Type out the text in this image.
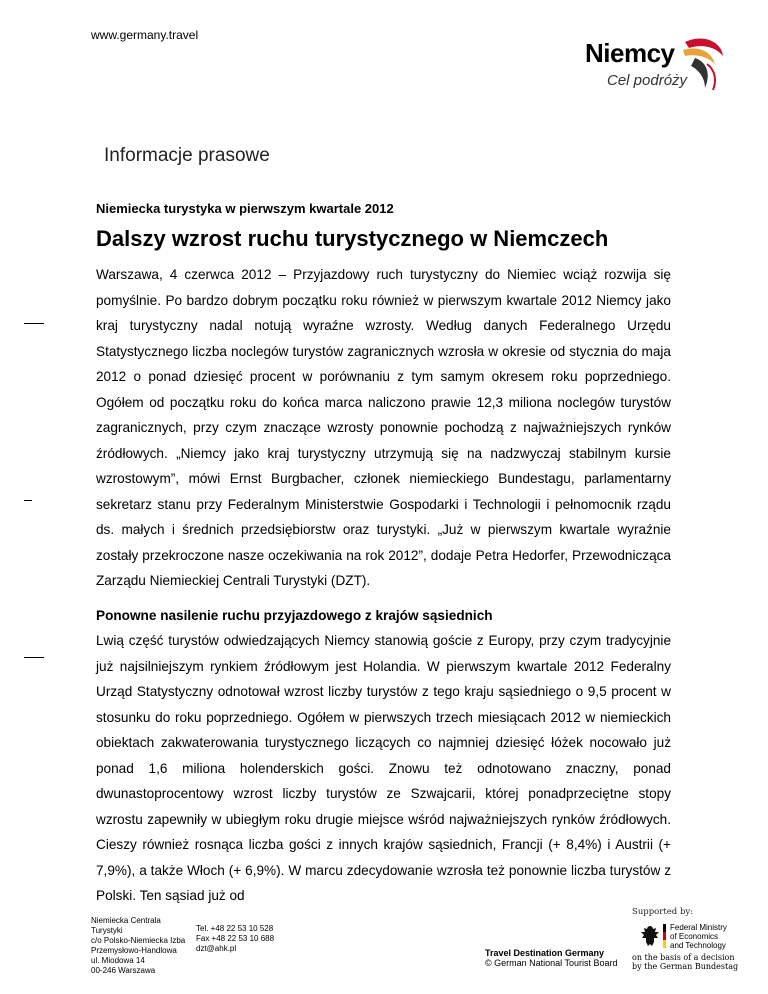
www.germany.travel
Niemcy
Cel podróży
Informacje prasowe
Niemiecka turystyka w pierwszym kwartale 2012
Dalszy wzrost ruchu turystycznego w Niemczech

Warszawa, 4 czerwca 2012 – Przyjazdowy ruch turystyczny do Niemiec wciąż rozwija się pomyślnie. Po bardzo dobrym początku roku również w pierwszym kwartale 2012 Niemcy jako kraj turystyczny nadal notują wyraźne wzrosty. Według danych Federalnego Urzędu Statystycznego liczba noclegów turystów zagranicznych wzrosła w okresie od stycznia do maja 2012 o ponad dziesięć procent w porównaniu z tym samym okresem roku poprzedniego. Ogółem od początku roku do końca marca naliczono prawie 12,3 miliona noclegów turystów zagranicznych, przy czym znaczące wzrosty ponownie pochodzą z najważniejszych rynków źródłowych. „Niemcy jako kraj turystyczny utrzymują się na nadzwyczaj stabilnym kursie wzrostowym”, mówi Ernst Burgbacher, członek niemieckiego Bundestagu, parlamentarny sekretarz stanu przy Federalnym Ministerstwie Gospodarki i Technologii i pełnomocnik rządu ds. małych i średnich przedsiębiorstw oraz turystyki. „Już w pierwszym kwartale wyraźnie zostały przekroczone nasze oczekiwania na rok 2012”, dodaje Petra Hedorfer, Przewodnicząca Zarządu Niemieckiej Centrali Turystyki (DZT).

Ponowne nasilenie ruchu przyjazdowego z krajów sąsiednich

Lwią część turystów odwiedzających Niemcy stanowią goście z Europy, przy czym tradycyjnie już najsilniejszym rynkiem źródłowym jest Holandia. W pierwszym kwartale 2012 Federalny Urząd Statystyczny odnotował wzrost liczby turystów z tego kraju sąsiedniego o 9,5 procent w stosunku do roku poprzedniego. Ogółem w pierwszych trzech miesiącach 2012 w niemieckich obiektach zakwaterowania turystycznego liczących co najmniej dziesięć łóżek nocowało już ponad 1,6 miliona holenderskich gości. Znowu też odnotowano znaczny, ponad dwunastoprocentowy wzrost liczby turystów ze Szwajcarii, której ponadprzeciętne stopy wzrostu zapewniły w ubiegłym roku drugie miejsce wśród najważniejszych rynków źródłowych. Cieszy również rosnąca liczba gości z innych krajów sąsiednich, Francji (+ 8,4%) i Austrii (+ 7,9%), a także Włoch (+ 6,9%). W marcu zdecydowanie wzrosła też ponownie liczba turystów z Polski. Ten sąsiad już od

Niemiecka Centrala
Turystyki
c/o Polsko-Niemiecka Izba
Przemysłowo-Handlowa
ul. Miodowa 14
00-246 Warszawa
Tel. +48 22 53 10 528
Fax +48 22 53 10 688
dzt@ahk.pl	Travel Destination Germany
© German National Tourist Board
Supported by:
Federal Ministry
of Economics
and Technology
on the basis of a decision
by the German Bundestag
